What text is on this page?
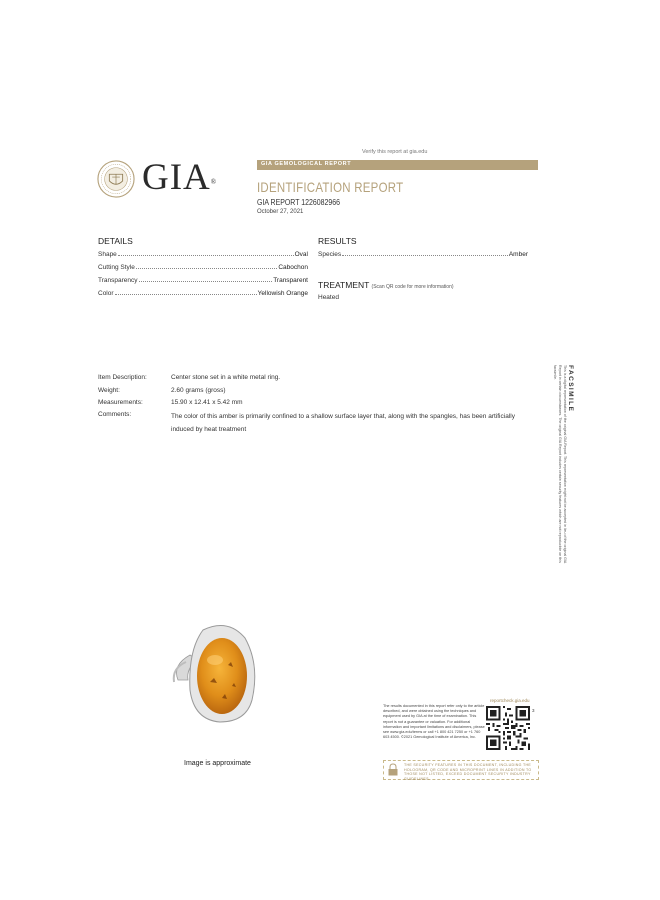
GIA®
Verify this report at gia.edu
GIA GEMOLOGICAL REPORT
IDENTIFICATION REPORT
GIA REPORT 1226082966
October 27, 2021
DETAILS
Shape	Oval
Cutting Style	Cabochon
Transparency	Transparent
Color	Yellowish Orange
RESULTS
Species	Amber
TREATMENT (Scan QR code for more information)
Heated
Item Description:	Center stone set in a white metal ring.
Weight:	2.60 grams (gross)
Measurements:	15.90 x 12.41 x 5.42 mm
Comments:	The color of this amber is primarily confined to a shallow surface layer that, along with the spangles, has been artificially induced by heat treatment
FACSIMILE
This is a digital representation of the original GIA Report. This representation might not be accepted in lieu of the original GIA Report in certain circumstances. The original GIA Report includes certain security features which are not reproducible on this facsimile.
Image is approximate
The results documented in this report refer only to the article described, and were obtained using the techniques and equipment used by GIA at the time of examination. This report is not a guarantee or valuation. For additional information and important limitations and disclaimers, please see www.gia.edu/terms or call +1 800 421 7250 or +1 760 603 4500. ©2021 Gemological Institute of America, Inc.
reportcheck.gia.edu
3
THE SECURITY FEATURES IN THIS DOCUMENT, INCLUDING THE HOLOGRAM, QR CODE AND MICROPRINT LINES IN ADDITION TO THOSE NOT LISTED, EXCEED DOCUMENT SECURITY INDUSTRY GUIDELINES.
